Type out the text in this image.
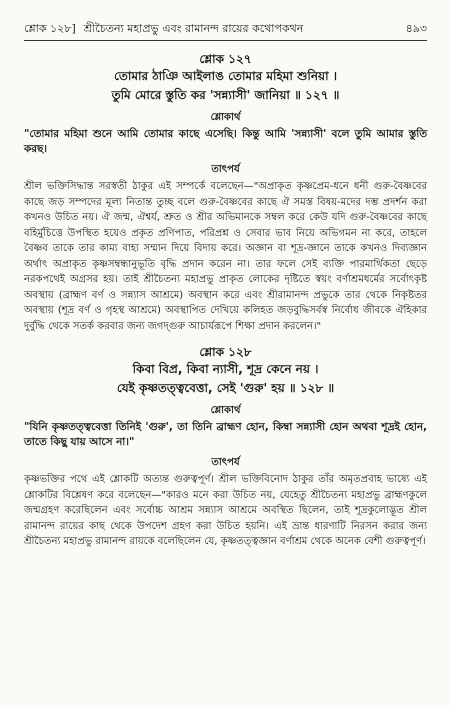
শ্লোক ১২৮] শ্রীচৈতন্য মহাপ্রভু এবং রামানন্দ রায়ের কথোপকথন	৪৯৩
শ্লোক ১২৭
তোমার ঠাঞি আইলাঙ তোমার মহিমা শুনিয়া ।
তুমি মোরে স্তুতি কর 'সন্ন্যাসী' জানিয়া ॥ ১২৭ ॥
শ্লোকার্থ

"তোমার মহিমা শুনে আমি তোমার কাছে এসেছি। কিন্তু আমি 'সন্ন্যাসী' বলে তুমি আমার স্তুতি করছ।

তাৎপর্য

শ্রীল ভক্তিসিদ্ধান্ত সরস্বতী ঠাকুর এই সম্পর্কে বলেছেন—"অপ্রাকৃত কৃষ্ণপ্রেম-ধনে ধনী গুরু-বৈষ্ণবের কাছে জড় সম্পদের মূল্য নিতান্ত তুচ্ছ বলে গুরু-বৈষ্ণবের কাছে ঐ সমস্ত বিষয়-মদের দম্ভ প্রদর্শন করা কখনও উচিত নয়। ঐ জন্ম, ঐশ্বর্য, শ্রুত ও শ্রীর অভিমানকে সম্বল করে কেউ যদি গুরু-বৈষ্ণবের কাছে বহির্মুচিত্তে উপস্থিত হয়েও প্রকৃত প্রণিপাত, পরিপ্রশ্ন ও সেবার ভাব নিয়ে অভিগমন না করে, তাহলে বৈষ্ণব তাকে তার কাম্য বাহ্য সম্মান দিয়ে বিদায় করে। অজ্ঞান বা শূদ্র-জ্ঞানে তাকে কখনও দিব্যজ্ঞান অর্থাৎ অপ্রাকৃত কৃষ্ণসম্বন্ধানুভূতি বৃদ্ধি প্রদান করেন না। তার ফলে সেই ব্যক্তি পারমার্থিকতা ছেড়ে নরকপথেই অগ্রসর হয়। তাই শ্রীচৈতন্য মহাপ্রভু প্রাকৃত লোকের দৃষ্টিতে স্বয়ং বর্ণাশ্রমধর্মের সর্বোৎকৃষ্ট অবস্থায় (ব্রাহ্মণ বর্ণ ও সন্ন্যাস আশ্রমে) অবস্থান করে এবং শ্রীরামানন্দ প্রভুকে তার থেকে নিকৃষ্টতর অবস্থায় (শূদ্র বর্ণ ও গৃহস্থ আশ্রমে) অবস্থাপিত দেখিয়ে কলিহত জড়বুদ্ধিসর্বস্ব নির্বোধ জীবকে ঐহিকার দুর্বুদ্ধি থেকে সতর্ক করবার জন্য জগদ্গুরু আচার্যরূপে শিক্ষা প্রদান করলেন।"

শ্লোক ১২৮
কিবা বিপ্র, কিবা ন্যাসী, শূদ্র কেনে নয় ।
যেই কৃষ্ণতত্ত্ববেত্তা, সেই 'গুরু' হয় ॥ ১২৮ ॥
শ্লোকার্থ

"যিনি কৃষ্ণতত্ত্ববেত্তা তিনিই 'গুরু', তা তিনি ব্রাহ্মণ হোন, কিম্বা সন্ন্যাসী হোন অথবা শূদ্রই হোন, তাতে কিছু যায় আসে না।"

তাৎপর্য

কৃষ্ণভক্তির পথে এই শ্লোকটি অত্যন্ত গুরুত্বপূর্ণ। শ্রীল ভক্তিবিনোদ ঠাকুর তাঁর অমৃতপ্রবাহ ভাষ্যে এই শ্লোকটির বিশ্লেষণ করে বলেছেন—"কারও মনে করা উচিত নয়, যেহেতু শ্রীচৈতন্য মহাপ্রভু ব্রাহ্মণকুলে জন্মগ্রহণ করেছিলেন এবং সর্বোচ্চ আশ্রম সন্ন্যাস আশ্রমে অবস্থিত ছিলেন, তাই শূদ্রকুলোদ্ভূত শ্রীল রামানন্দ রায়ের কাছ থেকে উপদেশ গ্রহণ করা উচিত হয়নি। এই ভ্রান্ত ধারণাটি নিরসন করার জন্য শ্রীচৈতন্য মহাপ্রভু রামানন্দ রায়কে বলেছিলেন যে, কৃষ্ণতত্ত্বজ্ঞান বর্ণাশ্রম থেকে অনেক বেশী গুরুত্বপূর্ণ।
